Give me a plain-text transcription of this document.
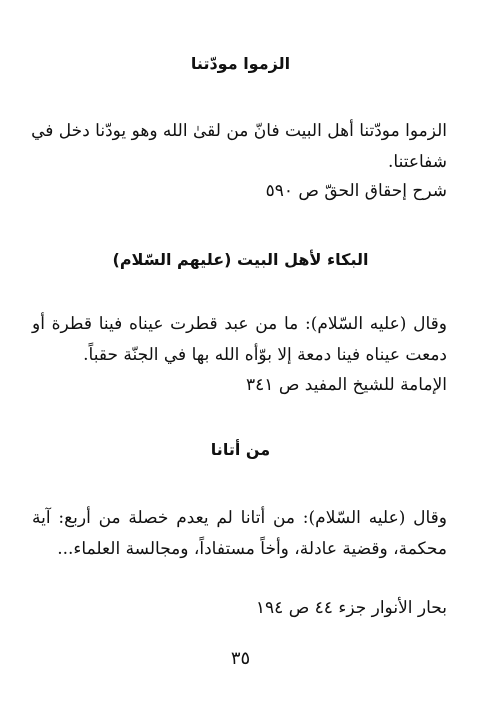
الزموا مودّتنا
الزموا مودّتنا أهل البيت فانّ من لقىٰ الله وهو يودّنا دخل في
شفاعتنا.
شرح إحقاق الحقّ ص ٥٩٠
البكاء لأهل البيت (عليهم السّلام)
وقال (عليه السّلام): ما من عبد قطرت عيناه فينا قطرة أو
دمعت عيناه فينا دمعة إلا بوّأه الله بها في الجنّة حقباً.
الإمامة للشيخ المفيد ص ٣٤١
من أتانا
وقال (عليه السّلام): من أتانا لم يعدم خصلة من أربع: آية
محكمة، وقضية عادلة، وأخاً مستفاداً، ومجالسة العلماء...
بحار الأنوار جزء ٤٤ ص ١٩٤
٣٥
